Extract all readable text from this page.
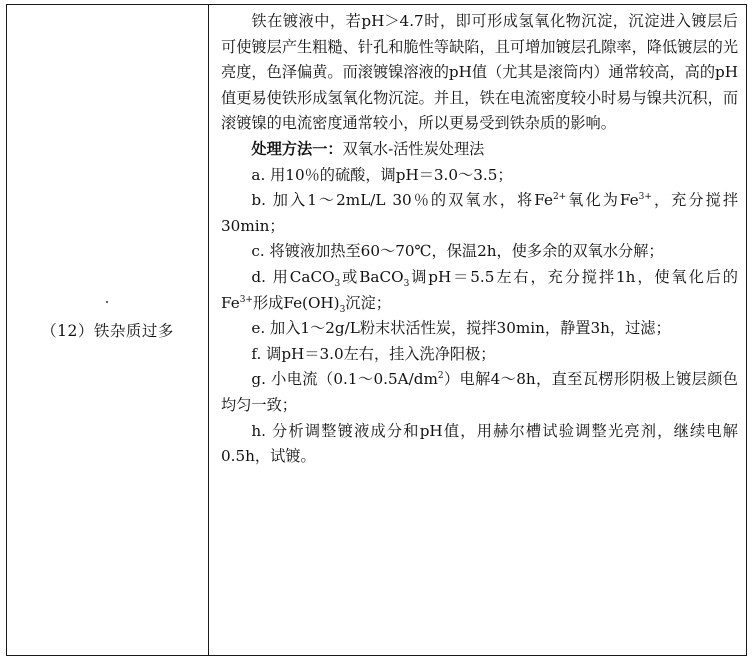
（12）铁杂质过多

铁在镀液中，若pH＞4.7时，即可形成氢氧化物沉淀，沉淀进入镀层后可使镀层产生粗糙、针孔和脆性等缺陷，且可增加镀层孔隙率，降低镀层的光亮度，色泽偏黄。而滚镀镍溶液的pH值（尤其是滚筒内）通常较高，高的pH值更易使铁形成氢氧化物沉淀。并且，铁在电流密度较小时易与镍共沉积，而滚镀镍的电流密度通常较小，所以更易受到铁杂质的影响。

处理方法一：双氧水-活性炭处理法

a. 用10％的硫酸，调pH＝3.0～3.5；

b. 加入1～2mL/L 30％的双氧水，将$Fe^{2+}$氧化为$Fe^{3+}$，充分搅拌30min；

c. 将镀液加热至60～70℃，保温2h，使多余的双氧水分解；

d. 用CaCO$_3$或BaCO$_3$调pH＝5.5左右，充分搅拌1h，使氧化后的$Fe^{3+}$形成$Fe(OH)_3$沉淀；

e. 加入1～2g/L粉末状活性炭，搅拌30min，静置3h，过滤；

f. 调pH＝3.0左右，挂入洗净阳极；

g. 小电流$(0.1\sim 0.5A/dm^2)$电解4～8h，直至瓦楞形阴极上镀层颜色均匀一致；

h. 分析调整镀液成分和pH值，用赫尔槽试验调整光亮剂，继续电解0.5h，试镀。
